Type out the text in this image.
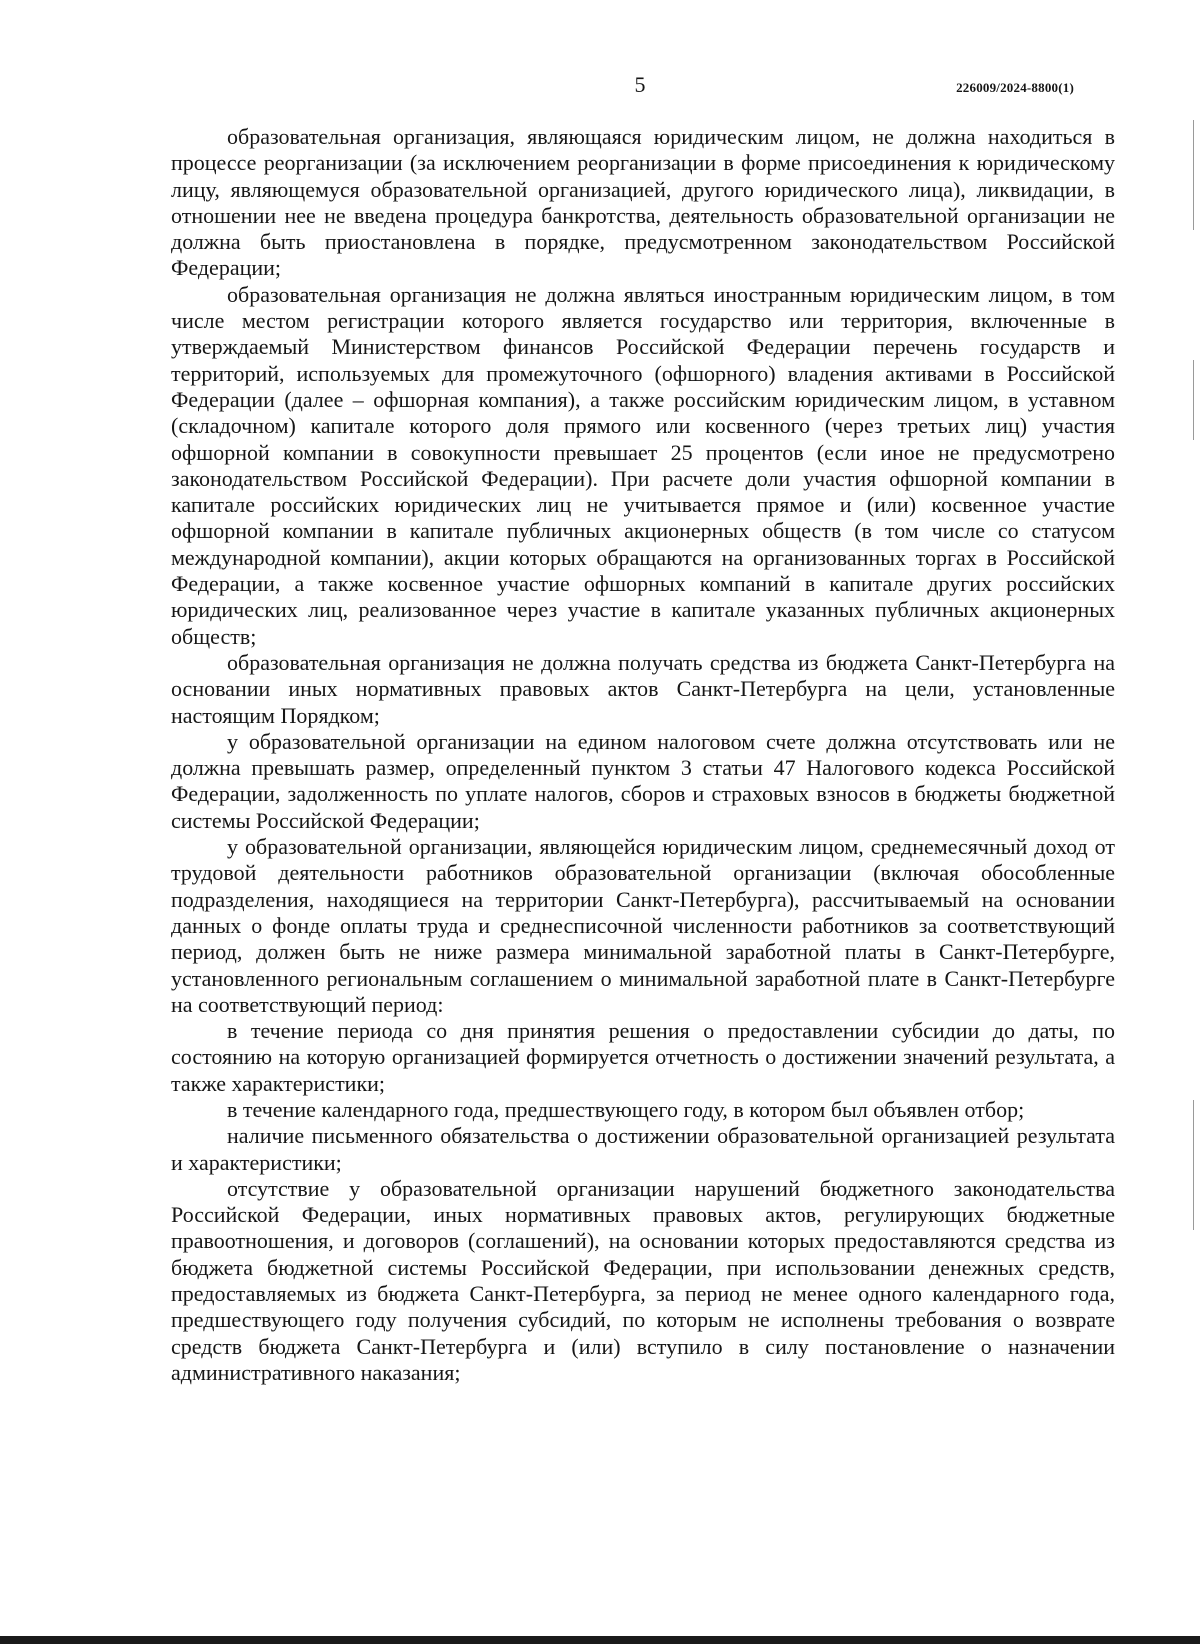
5	226009/2024-8800(1)

образовательная организация, являющаяся юридическим лицом, не должна находиться в процессе реорганизации (за исключением реорганизации в форме присоединения к юридическому лицу, являющемуся образовательной организацией, другого юридического лица), ликвидации, в отношении нее не введена процедура банкротства, деятельность образовательной организации не должна быть приостановлена в порядке, предусмотренном законодательством Российской Федерации;

образовательная организация не должна являться иностранным юридическим лицом, в том числе местом регистрации которого является государство или территория, включенные в утверждаемый Министерством финансов Российской Федерации перечень государств и территорий, используемых для промежуточного (офшорного) владения активами в Российской Федерации (далее – офшорная компания), а также российским юридическим лицом, в уставном (складочном) капитале которого доля прямого или косвенного (через третьих лиц) участия офшорной компании в совокупности превышает 25 процентов (если иное не предусмотрено законодательством Российской Федерации). При расчете доли участия офшорной компании в капитале российских юридических лиц не учитывается прямое и (или) косвенное участие офшорной компании в капитале публичных акционерных обществ (в том числе со статусом международной компании), акции которых обращаются на организованных торгах в Российской Федерации, а также косвенное участие офшорных компаний в капитале других российских юридических лиц, реализованное через участие в капитале указанных публичных акционерных обществ;

образовательная организация не должна получать средства из бюджета Санкт-Петербурга на основании иных нормативных правовых актов Санкт-Петербурга на цели, установленные настоящим Порядком;

у образовательной организации на едином налоговом счете должна отсутствовать или не должна превышать размер, определенный пунктом 3 статьи 47 Налогового кодекса Российской Федерации, задолженность по уплате налогов, сборов и страховых взносов в бюджеты бюджетной системы Российской Федерации;

у образовательной организации, являющейся юридическим лицом, среднемесячный доход от трудовой деятельности работников образовательной организации (включая обособленные подразделения, находящиеся на территории Санкт-Петербурга), рассчитываемый на основании данных о фонде оплаты труда и среднесписочной численности работников за соответствующий период, должен быть не ниже размера минимальной заработной платы в Санкт-Петербурге, установленного региональным соглашением о минимальной заработной плате в Санкт-Петербурге на соответствующий период:

в течение периода со дня принятия решения о предоставлении субсидии до даты, по состоянию на которую организацией формируется отчетность о достижении значений результата, а также характеристики;

в течение календарного года, предшествующего году, в котором был объявлен отбор;

наличие письменного обязательства о достижении образовательной организацией результата и характеристики;

отсутствие у образовательной организации нарушений бюджетного законодательства Российской Федерации, иных нормативных правовых актов, регулирующих бюджетные правоотношения, и договоров (соглашений), на основании которых предоставляются средства из бюджета бюджетной системы Российской Федерации, при использовании денежных средств, предоставляемых из бюджета Санкт-Петербурга, за период не менее одного календарного года, предшествующего году получения субсидий, по которым не исполнены требования о возврате средств бюджета Санкт-Петербурга и (или) вступило в силу постановление о назначении административного наказания;
